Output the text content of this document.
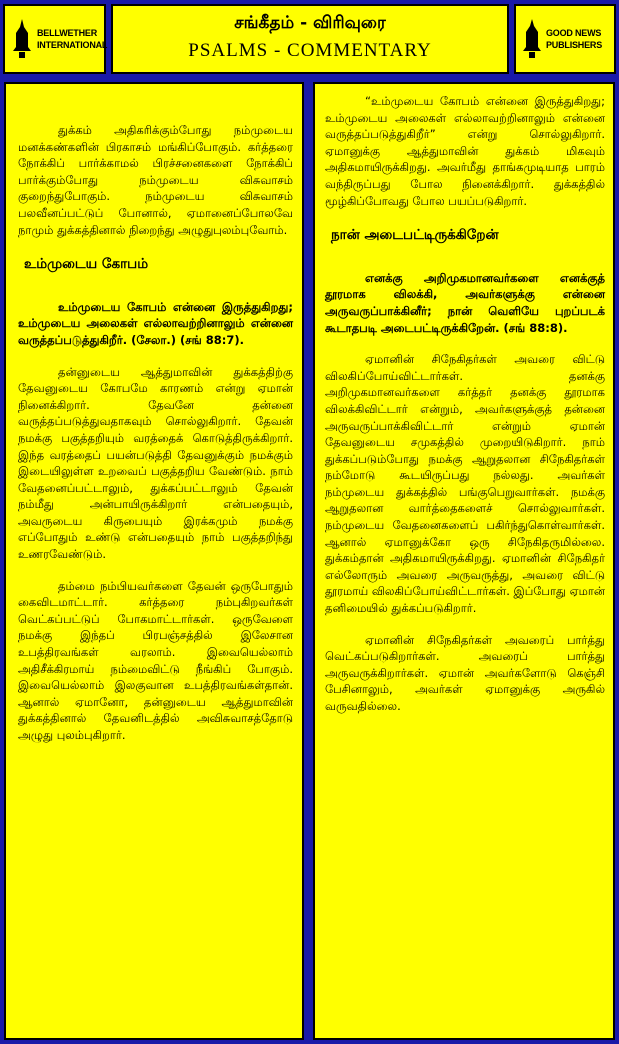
BELLWETHER INTERNATIONAL
சங்கீதம் - விரிவுரை
PSALMS - COMMENTARY
GOOD NEWS PUBLISHERS

துக்கம் அதிகரிக்கும்போது நம்முடைய மனக்கண்களின் பிரகாசம் மங்கிப்போகும். கர்த்தரை நோக்கிப் பார்க்காமல் பிரச்சனைகளை நோக்கிப் பார்க்கும்போது நம்முடைய விசுவாசம் குறைந்துபோகும். நம்முடைய விசுவாசம் பலவீனப்பட்டுப் போனால், ஏமானைப்போலவே நாமும் துக்கத்தினால் நிறைந்து அழுதுபுலம்புவோம்.

உம்முடைய கோபம்

உம்முடைய கோபம் என்னை இருத்துகிறது; உம்முடைய அலைகள் எல்லாவற்றினாலும் என்னை வருத்தப்படுத்துகிறீர். (சேலா.) (சங் 88:7).

தன்னுடைய ஆத்துமாவின் துக்கத்திற்கு தேவனுடைய கோபமே காரணம் என்று ஏமான் நினைக்கிறார். தேவனே தன்னை வருத்தப்படுத்துவதாகவும் சொல்லுகிறார். தேவன் நமக்கு பகுத்தறியும் வரத்தைக் கொடுத்திருக்கிறார். இந்த வரத்தைப் பயன்படுத்தி தேவனுக்கும் நமக்கும் இடையிலுள்ள உறவைப் பகுத்தறிய வேண்டும். நாம் வேதனைப்பட்டாலும், துக்கப்பட்டாலும் தேவன் நம்மீது அன்பாயிருக்கிறார் என்பதையும், அவருடைய கிருபையும் இரக்கமும் நமக்கு எப்போதும் உண்டு என்பதையும் நாம் பகுத்தறிந்து உணரவேண்டும்.

தம்மை நம்பியவர்களை தேவன் ஒருபோதும் கைவிடமாட்டார். கர்த்தரை நம்புகிறவர்கள் வெட்கப்பட்டுப் போகமாட்டார்கள். ஒருவேளை நமக்கு இந்தப் பிரபஞ்சத்தில் இலேசான உபத்திரவங்கள் வரலாம். இவையெல்லாம் அதிசீக்கிரமாய் நம்மைவிட்டு நீங்கிப் போகும். இவையெல்லாம் இலகுவான உபத்திரவங்கள்தான். ஆனால் ஏமானோ, தன்னுடைய ஆத்துமாவின் துக்கத்தினால் தேவனிடத்தில் அவிசுவாசத்தோடு அழுது புலம்புகிறார்.

“உம்முடைய கோபம் என்னை இருத்துகிறது; உம்முடைய அலைகள் எல்லாவற்றினாலும் என்னை வருத்தப்படுத்துகிறீர்” என்று சொல்லுகிறார். ஏமானுக்கு ஆத்துமாவின் துக்கம் மிகவும் அதிகமாயிருக்கிறது. அவர்மீது தாங்கமுடியாத பாரம் வந்திருப்பது போல நினைக்கிறார். துக்கத்தில் மூழ்கிப்போவது போல பயப்படுகிறார்.

நான் அடைபட்டிருக்கிறேன்

எனக்கு அறிமுகமானவர்களை எனக்குத் தூரமாக விலக்கி, அவர்களுக்கு என்னை அருவருப்பாக்கினீர்; நான் வெளியே புறப்படக் கூடாதபடி அடைபட்டிருக்கிறேன். (சங் 88:8).

ஏமானின் சிநேகிதர்கள் அவரை விட்டு விலகிப்போய்விட்டார்கள். தனக்கு அறிமுகமானவர்களை கர்த்தர் தனக்கு தூரமாக விலக்கிவிட்டார் என்றும், அவர்களுக்குத் தன்னை அருவருப்பாக்கிவிட்டார் என்றும் ஏமான் தேவனுடைய சமுகத்தில் முறையிடுகிறார். நாம் துக்கப்படும்போது நமக்கு ஆறுதலான சிநேகிதர்கள் நம்மோடு கூடயிருப்பது நல்லது. அவர்கள் நம்முடைய துக்கத்தில் பங்குபெறுவார்கள். நமக்கு ஆறுதலான வார்த்தைகளைச் சொல்லுவார்கள். நம்முடைய வேதனைகளைப் பகிர்ந்துகொள்வார்கள். ஆனால் ஏமானுக்கோ ஒரு சிநேகிதருமில்லை. துக்கம்தான் அதிகமாயிருக்கிறது. ஏமானின் சிநேகிதர் எல்லோரும் அவரை அருவருத்து, அவரை விட்டு தூரமாய் விலகிப்போய்விட்டார்கள். இப்போது ஏமான் தனிமையில் துக்கப்படுகிறார்.

ஏமானின் சிநேகிதர்கள் அவரைப் பார்த்து வெட்கப்படுகிறார்கள். அவரைப் பார்த்து அருவருக்கிறார்கள். ஏமான் அவர்களோடு கெஞ்சி பேசினாலும், அவர்கள் ஏமானுக்கு அருகில் வருவதில்லை.
